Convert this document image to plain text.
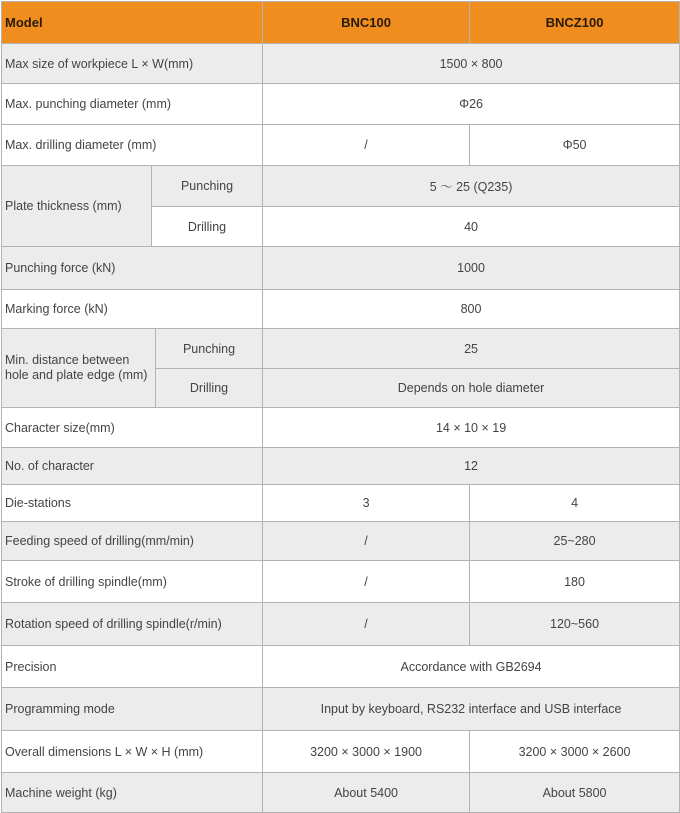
Model			BNC100	BNCZ100
Max size of workpiece L × W(mm)			1500 × 800	
Max. punching diameter (mm)			Φ26	
Max. drilling diameter (mm)			/	Φ50
Plate thickness (mm)	Punching		5 ～ 25 (Q235)	
	Drilling		40	
Punching force (kN)			1000	
Marking force (kN)			800	
Min. distance between hole and plate edge (mm)		Punching	25	
		Drilling	Depends on hole diameter	
Character size(mm)			14 × 10 × 19	
No. of character			12	
Die-stations			3	4
Feeding speed of drilling(mm/min)			/	25~280
Stroke of drilling spindle(mm)			/	180
Rotation speed of drilling spindle(r/min)			/	120~560
Precision			Accordance with GB2694	
Programming mode			Input by keyboard, RS232 interface and USB interface	
Overall dimensions L × W × H (mm)			3200 × 3000 × 1900	3200 × 3000 × 2600
Machine weight (kg)			About 5400	About 5800
